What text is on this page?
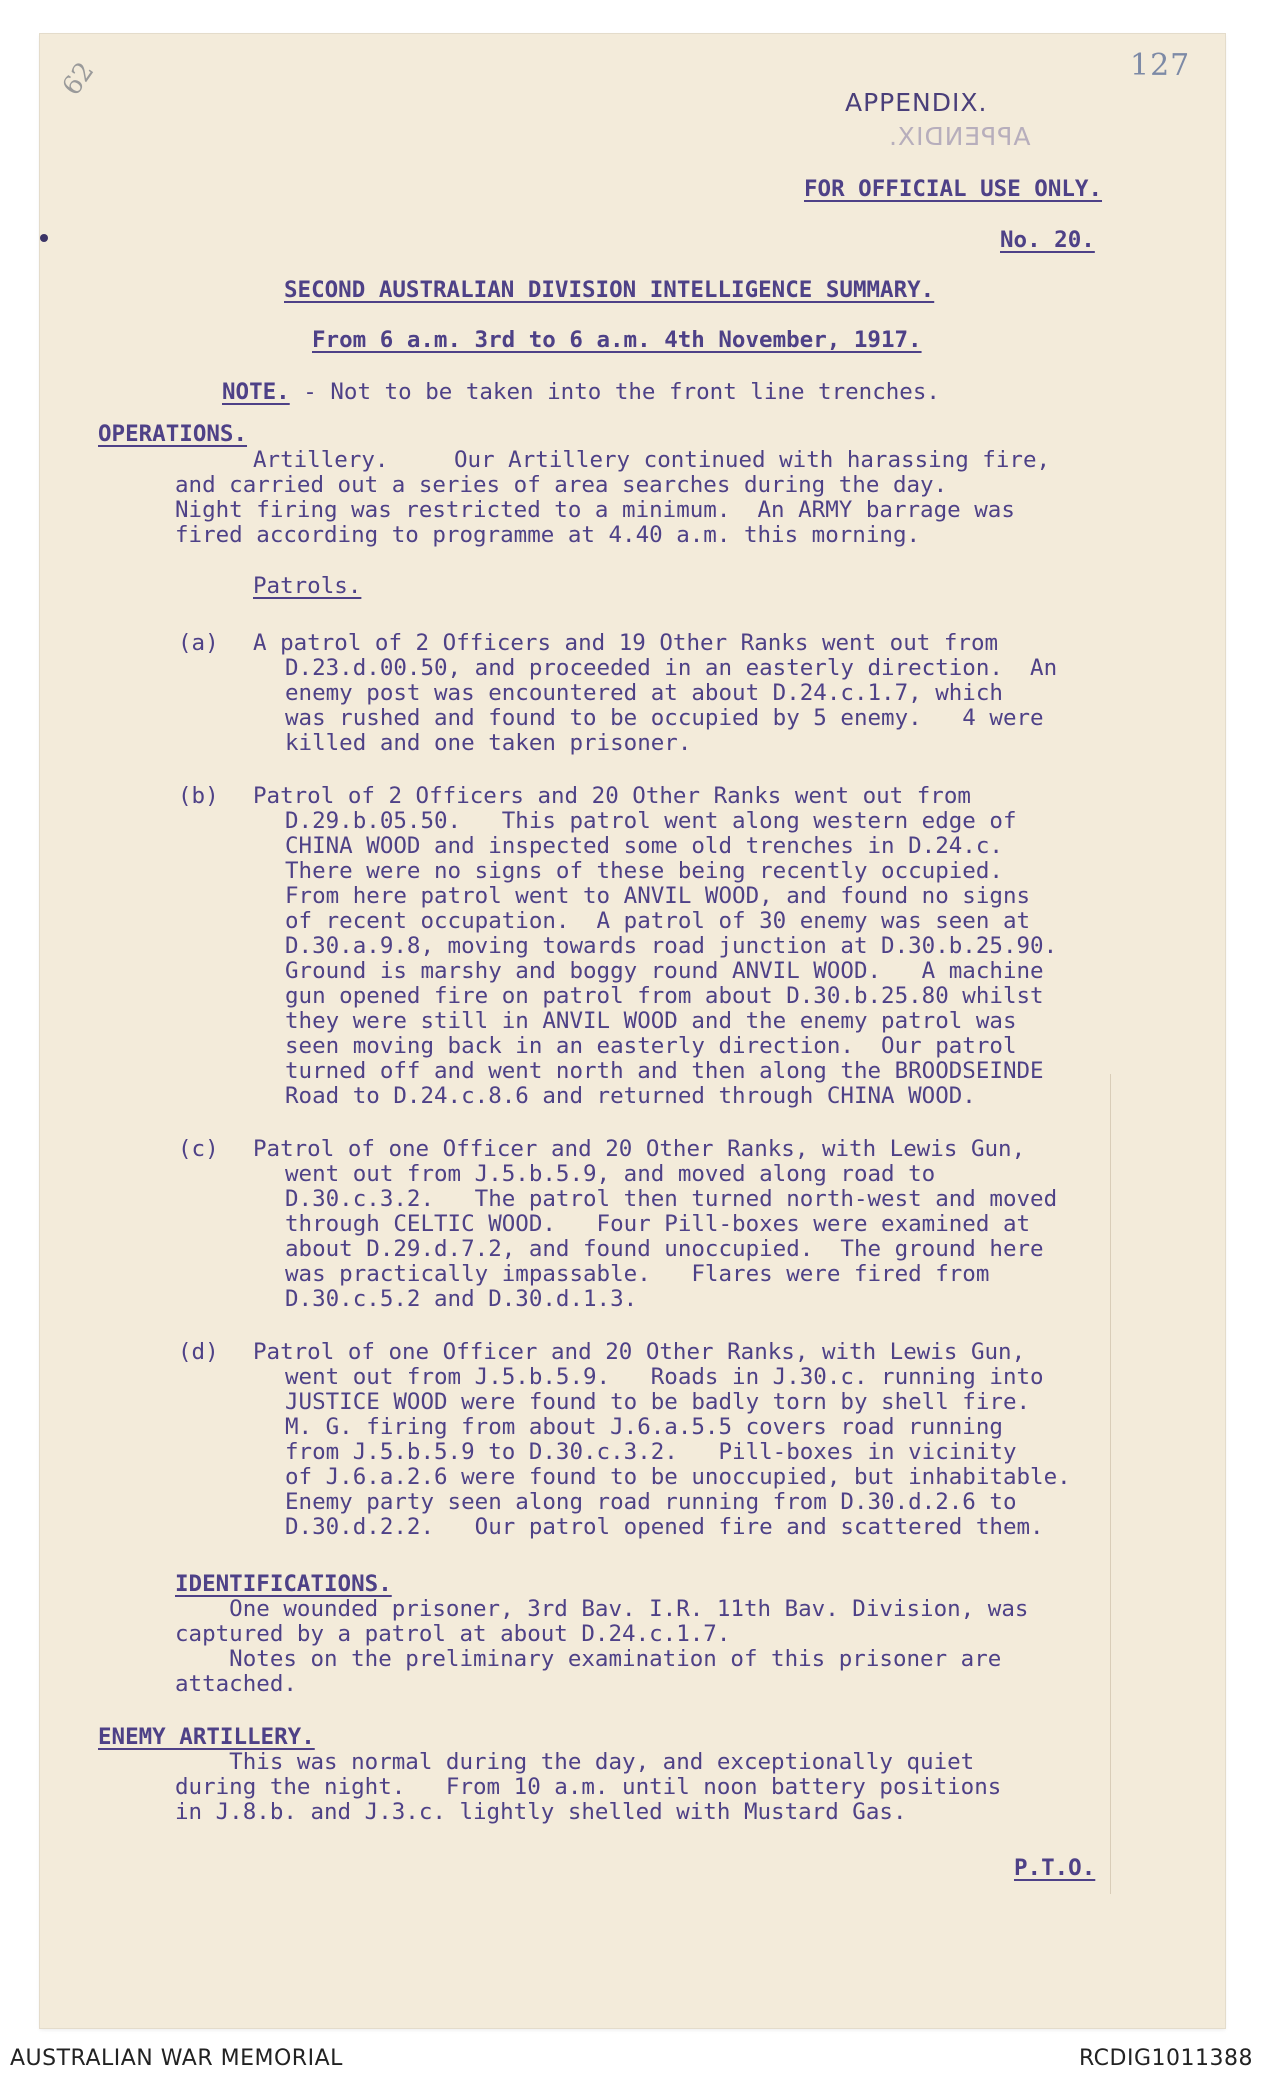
127
62
APPENDIX.
APPENDIX.
FOR OFFICIAL USE ONLY.
No. 20.
SECOND AUSTRALIAN DIVISION INTELLIGENCE SUMMARY.
From 6 a.m. 3rd to 6 a.m. 4th November, 1917.
NOTE. - Not to be taken into the front line trenches.
OPERATIONS.
Artillery.	Our Artillery continued with harassing fire,
and carried out a series of area searches during the day.
Night firing was restricted to a minimum.  An ARMY barrage was
fired according to programme at 4.40 a.m. this morning.
Patrols.
(a) A patrol of 2 Officers and 19 Other Ranks went out from
D.23.d.00.50, and proceeded in an easterly direction.  An
enemy post was encountered at about D.24.c.1.7, which
was rushed and found to be occupied by 5 enemy.   4 were
killed and one taken prisoner.
(b) Patrol of 2 Officers and 20 Other Ranks went out from
D.29.b.05.50.   This patrol went along western edge of
CHINA WOOD and inspected some old trenches in D.24.c.
There were no signs of these being recently occupied.
From here patrol went to ANVIL WOOD, and found no signs
of recent occupation.  A patrol of 30 enemy was seen at
D.30.a.9.8, moving towards road junction at D.30.b.25.90.
Ground is marshy and boggy round ANVIL WOOD.   A machine
gun opened fire on patrol from about D.30.b.25.80 whilst
they were still in ANVIL WOOD and the enemy patrol was
seen moving back in an easterly direction.  Our patrol
turned off and went north and then along the BROODSEINDE
Road to D.24.c.8.6 and returned through CHINA WOOD.
(c) Patrol of one Officer and 20 Other Ranks, with Lewis Gun,
went out from J.5.b.5.9, and moved along road to
D.30.c.3.2.   The patrol then turned north-west and moved
through CELTIC WOOD.   Four Pill-boxes were examined at
about D.29.d.7.2, and found unoccupied.  The ground here
was practically impassable.   Flares were fired from
D.30.c.5.2 and D.30.d.1.3.
(d) Patrol of one Officer and 20 Other Ranks, with Lewis Gun,
went out from J.5.b.5.9.   Roads in J.30.c. running into
JUSTICE WOOD were found to be badly torn by shell fire.
M. G. firing from about J.6.a.5.5 covers road running
from J.5.b.5.9 to D.30.c.3.2.   Pill-boxes in vicinity
of J.6.a.2.6 were found to be unoccupied, but inhabitable.
Enemy party seen along road running from D.30.d.2.6 to
D.30.d.2.2.   Our patrol opened fire and scattered them.
IDENTIFICATIONS.
One wounded prisoner, 3rd Bav. I.R. 11th Bav. Division, was
captured by a patrol at about D.24.c.1.7.
Notes on the preliminary examination of this prisoner are
attached.
ENEMY ARTILLERY.
This was normal during the day, and exceptionally quiet
during the night.   From 10 a.m. until noon battery positions
in J.8.b. and J.3.c. lightly shelled with Mustard Gas.
P.T.O.
AUSTRALIAN WAR MEMORIAL	RCDIG1011388
